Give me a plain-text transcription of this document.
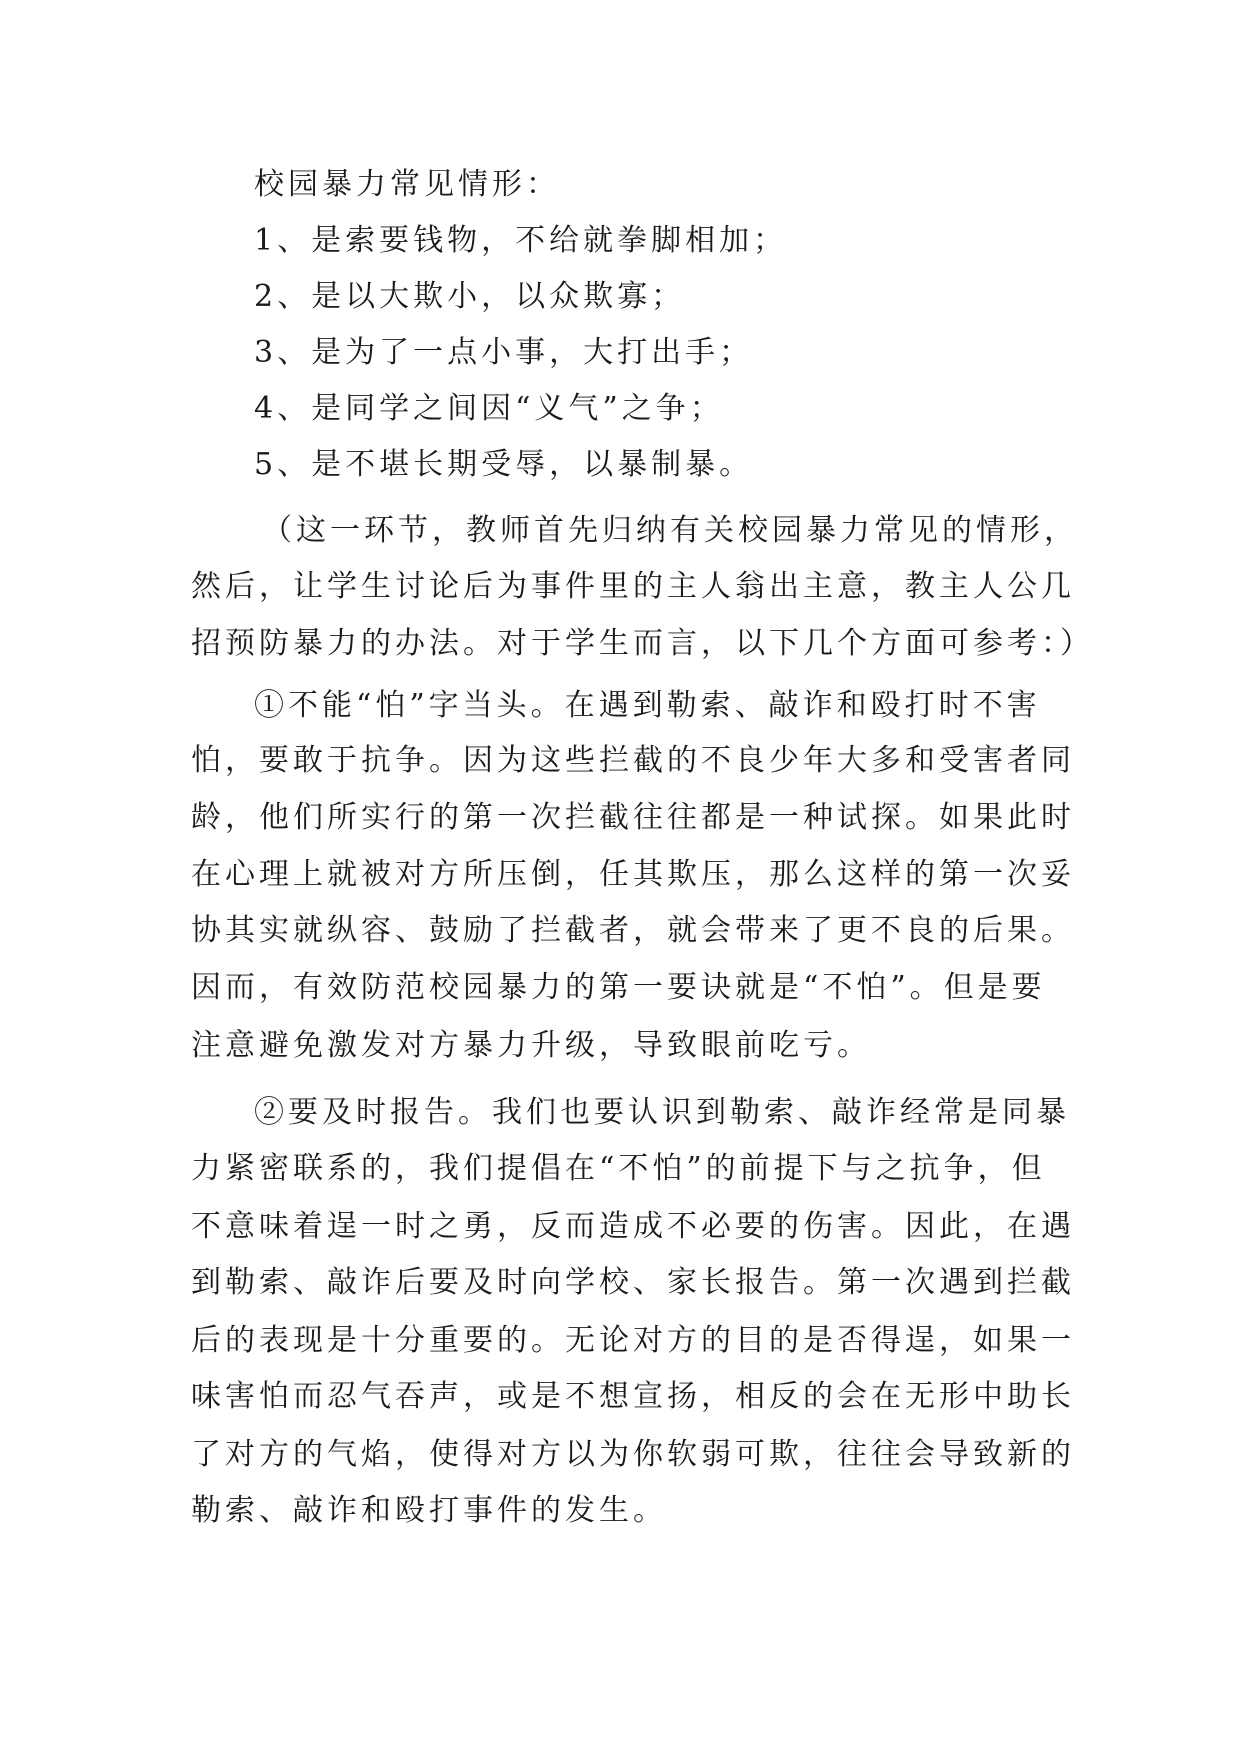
校园暴力常见情形：

1、是索要钱物，不给就拳脚相加；

2、是以大欺小，以众欺寡；

3、是为了一点小事，大打出手；

4、是同学之间因“义气”之争；

5、是不堪长期受辱，以暴制暴。

（这一环节，教师首先归纳有关校园暴力常见的情形，

然后，让学生讨论后为事件里的主人翁出主意，教主人公几

招预防暴力的办法。对于学生而言，以下几个方面可参考：）

①不能“怕”字当头。在遇到勒索、敲诈和殴打时不害

怕，要敢于抗争。因为这些拦截的不良少年大多和受害者同

龄，他们所实行的第一次拦截往往都是一种试探。如果此时

在心理上就被对方所压倒，任其欺压，那么这样的第一次妥

协其实就纵容、鼓励了拦截者，就会带来了更不良的后果。

因而，有效防范校园暴力的第一要诀就是“不怕”。但是要

注意避免激发对方暴力升级，导致眼前吃亏。

②要及时报告。我们也要认识到勒索、敲诈经常是同暴

力紧密联系的，我们提倡在“不怕”的前提下与之抗争，但

不意味着逞一时之勇，反而造成不必要的伤害。因此，在遇

到勒索、敲诈后要及时向学校、家长报告。第一次遇到拦截

后的表现是十分重要的。无论对方的目的是否得逞，如果一

味害怕而忍气吞声，或是不想宣扬，相反的会在无形中助长

了对方的气焰，使得对方以为你软弱可欺，往往会导致新的

勒索、敲诈和殴打事件的发生。
